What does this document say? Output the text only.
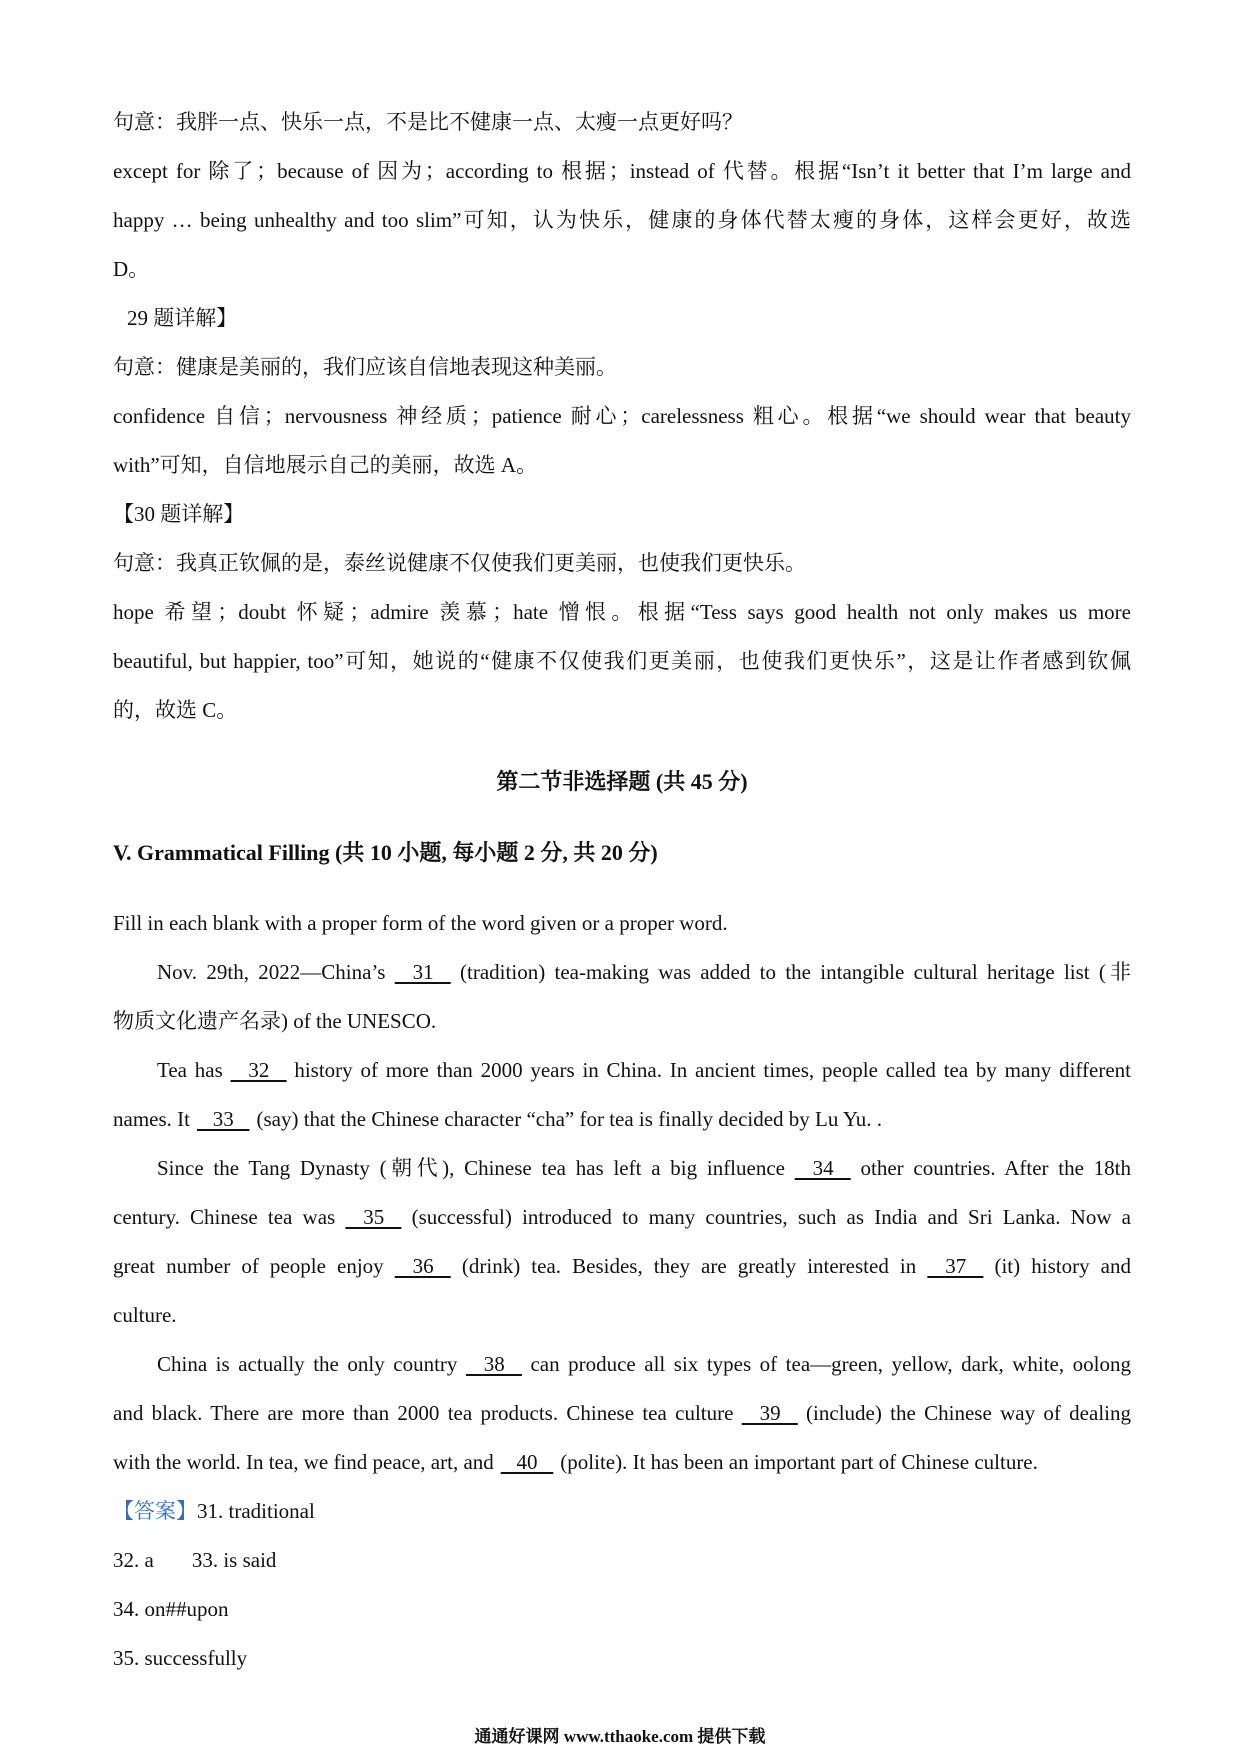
句意：我胖一点、快乐一点，不是比不健康一点、太瘦一点更好吗？

except for 除了；because of 因为；according to 根据；instead of 代替。根据“Isn’t it better that I’m large and

happy … being unhealthy and too slim”可知，认为快乐，健康的身体代替太瘦的身体，这样会更好，故选

D。

29 题详解】

句意：健康是美丽的，我们应该自信地表现这种美丽。

confidence 自信；nervousness 神经质；patience 耐心；carelessness 粗心。根据“we should wear that beauty

with”可知，自信地展示自己的美丽，故选 A。

【30 题详解】

句意：我真正钦佩的是，泰丝说健康不仅使我们更美丽，也使我们更快乐。

hope 希望；doubt 怀疑；admire 羡慕；hate 憎恨。根据“Tess says good health not only makes us more

beautiful, but happier, too”可知，她说的“健康不仅使我们更美丽，也使我们更快乐”，这是让作者感到钦佩

的，故选 C。

第二节非选择题 (共 45 分)

V. Grammatical Filling (共 10 小题, 每小题 2 分, 共 20 分)

Fill in each blank with a proper form of the word given or a proper word.

Nov. 29th, 2022—China’s    31    (tradition) tea-making was added to the intangible cultural heritage list (非

物质文化遗产名录) of the UNESCO.

Tea has    32    history of more than 2000 years in China. In ancient times, people called tea by many different

names. It    33    (say) that the Chinese character “cha” for tea is finally decided by Lu Yu. .

Since the Tang Dynasty (朝代), Chinese tea has left a big influence    34    other countries. After the 18th

century. Chinese tea was    35    (successful) introduced to many countries, such as India and Sri Lanka. Now a

great number of people enjoy    36    (drink) tea. Besides, they are greatly interested in    37    (it) history and

culture.

China is actually the only country    38    can produce all six types of tea—green, yellow, dark, white, oolong

and black. There are more than 2000 tea products. Chinese tea culture    39    (include) the Chinese way of dealing

with the world. In tea, we find peace, art, and    40    (polite). It has been an important part of Chinese culture.

【答案】31. traditional

32. a 33. is said

34. on##upon

35. successfully

通通好课网 www.tthaoke.com 提供下载
